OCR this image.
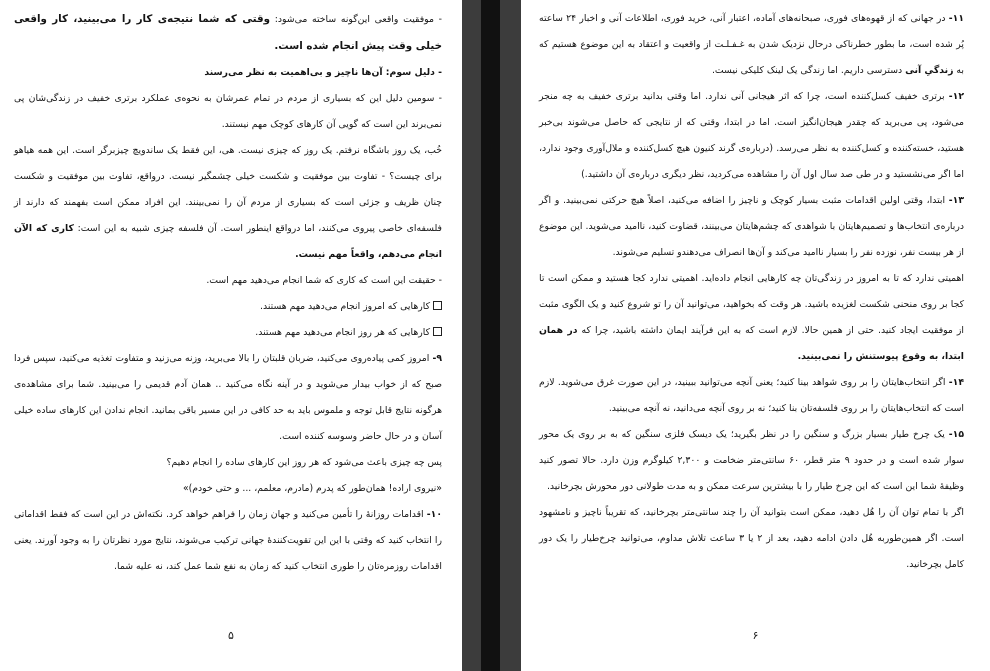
- موفقیت واقعی این‌گونه ساخته می‌شود: وقتی که شما نتیجه‌ی کار را می‌بینید، کار واقعی خیلی وقت پیش انجام شده است.

- دلیل سوم: آن‌ها ناچیز و بی‌اهمیت به نظر می‌رسند

- سومین دلیل این که بسیاری از مردم در تمام عمرشان به نحوه‌ی عملکرد برتری خفیف در زندگی‌شان پی نمی‌برند این است که گویی آن کارهای کوچک مهم نیستند.

خُب، یک روز باشگاه نرفتم. یک روز که چیزی نیست. هی، این فقط یک ساندویچ چیزبرگر است. این همه هیاهو برای چیست؟ - تفاوت بین موفقیت و شکست خیلی چشمگیر نیست. درواقع، تفاوت بین موفقیت و شکست چنان ظریف و جزئی است که بسیاری از مردم آن را نمی‌بینند. این افراد ممکن است بفهمند که دارند از فلسفه‌ای خاصی پیروی می‌کنند، اما درواقع اینطور است. آن فلسفه چیزی شبیه به این است: کاری که الآن انجام می‌دهم، واقعاً مهم نیست.

- حقیقت این است که کاری که شما انجام می‌دهید مهم است.

کارهایی که امروز انجام می‌دهید مهم هستند.

کارهایی که هر روز انجام می‌دهید مهم هستند.

۹- امروز کمی پیاده‌روی می‌کنید، ضربان قلبتان را بالا می‌برید، وزنه می‌زنید و متفاوت تغذیه می‌کنید، سپس فردا صبح که از خواب بیدار می‌شوید و در آینه نگاه می‌کنید .. همان آدم قدیمی را می‌بینید. شما برای مشاهده‌ی هرگونه نتایج قابل توجه و ملموس باید به حد کافی در این مسیر باقی بمانید. انجام ندادن این کارهای ساده خیلی آسان و در حال حاضر وسوسه کننده است.

پس چه چیزی باعث می‌شود که هر روز این کارهای ساده را انجام دهیم؟

«نیروی اراده! همان‌طور که پدرم (مادرم، معلمم، ... و حتی خودم)»

۱۰- اقدامات روزانهٔ را تأمین می‌کنید و جهان زمان را فراهم خواهد کرد. نکته‌اش در این است که فقط اقداماتی را انتخاب کنید که وقتی با این این تقویت‌کنندهٔ جهانی ترکیب می‌شوند، نتایج مورد نظرتان را به وجود آورند. یعنی اقدامات روزمره‌تان را طوری انتخاب کنید که زمان به نفع شما عمل کند، نه علیه شما.

۵

۱۱- در جهانی که از قهوه‌های فوری، صبحانه‌های آماده، اعتبار آنی، خرید فوری، اطلاعات آنی و اخبار ۲۴ ساعته پُر شده است، ما بطور خطرناکی درحال نزدیک شدن به غـفـلـت از واقعیت و اعتقاد به این موضوع هستیم که به زندگیِ آنی دسترسی داریم. اما زندگی یک لینک کلیکی نیست.

۱۲- برتری خفیف کسل‌کننده است، چرا که اثر هیجانی آنی ندارد. اما وقتی بدانید برتری خفیف به چه منجر می‌شود، پی می‌برید که چقدر هیجان‌انگیز است. اما در ابتدا، وقتی که از نتایجی که حاصل می‌شوند بی‌خبر هستید، خسته‌کننده و کسل‌کننده به نظر می‌رسد. (درباره‌ی گرند کنیون هیچ کسل‌کننده و ملال‌آوری وجود ندارد، اما اگر می‌نشستید و در طی صد سال اول آن را مشاهده می‌کردید، نظر دیگری درباره‌ی آن داشتید.)

۱۳- ابتدا، وقتی اولین اقدامات مثبت بسیار کوچک و ناچیز را اضافه می‌کنید، اصلاً هیچ حرکتی نمی‌بینید. و اگر درباره‌ی انتخاب‌ها و تصمیم‌هایتان با شواهدی که چشم‌هایتان می‌بینند، قضاوت کنید، ناامید می‌شوید. این موضوع از هر بیست نفر، نوزده نفر را بسیار ناامید می‌کند و آن‌ها انصراف می‌دهندو تسلیم می‌شوند.

اهمیتی ندارد که تا به امروز در زندگی‌تان چه کارهایی انجام داده‌اید. اهمیتی ندارد کجا هستید و ممکن است تا کجا بر روی منحنی شکست لغزیده باشید. هر وقت که بخواهید، می‌توانید آن را تو شروع کنید و یک الگوی مثبت از موفقیت ایجاد کنید. حتی از همین حالا. لازم است که به این فرآیند ایمان داشته باشید، چرا که در همان ابتدا، به وقوع پیوستنش را نمی‌بینید.

۱۴- اگر انتخاب‌هایتان را بر روی شواهد بینا کنید؛ یعنی آنچه می‌توانید ببینید، در این صورت غرق می‌شوید. لازم است که انتخاب‌هایتان را بر روی فلسفه‌تان بنا کنید؛ نه بر روی آنچه می‌دانید، نه آنچه می‌بینید.

۱۵- یک چرخ طیار بسیار بزرگ و سنگین را در نظر بگیرید؛ یک دیسک فلزی سنگین که به بر روی یک محور سوار شده است و در حدود ۹ متر قطر، ۶۰ سانتی‌متر ضخامت و ۲,۳۰۰ کیلوگرم وزن دارد. حالا تصور کنید وظیفهٔ شما این است که این چرخ طیار را با بیشترین سرعت ممکن و به مدت طولانی دور محورش بچرخانید.

اگر با تمام توان آن را هُل دهید، ممکن است بتوانید آن را چند سانتی‌متر بچرخانید، که تقریباً ناچیز و نامشهود است. اگر همین‌طوربه هُل دادن ادامه دهید، بعد از ۲ یا ۳ ساعت تلاش مداوم، می‌توانید چرخ‌طیار را یک دور کامل بچرخانید.

۶
